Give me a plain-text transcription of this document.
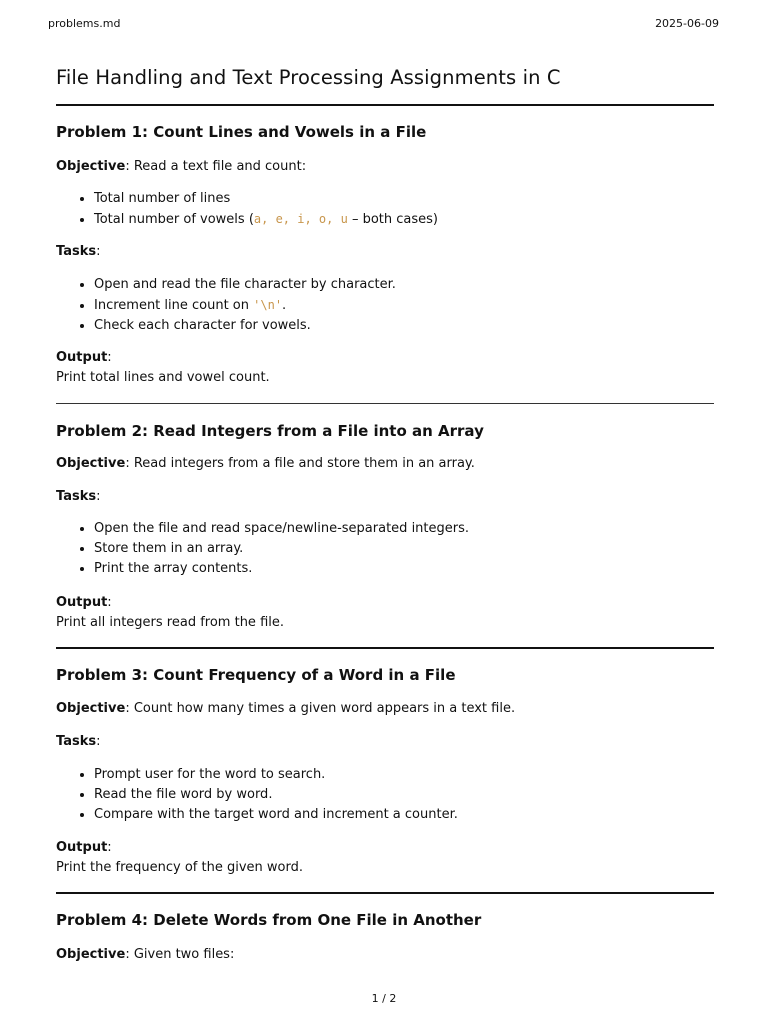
problems.md	2025-06-09
File Handling and Text Processing Assignments in C
Problem 1: Count Lines and Vowels in a File

Objective: Read a text file and count:

• Total number of lines
• Total number of vowels (a, e, i, o, u – both cases)

Tasks:

• Open and read the file character by character.
• Increment line count on '\n'.
• Check each character for vowels.

Output:

Print total lines and vowel count.

Problem 2: Read Integers from a File into an Array

Objective: Read integers from a file and store them in an array.

Tasks:

• Open the file and read space/newline-separated integers.
• Store them in an array.
• Print the array contents.

Output:

Print all integers read from the file.

Problem 3: Count Frequency of a Word in a File

Objective: Count how many times a given word appears in a text file.

Tasks:

• Prompt user for the word to search.
• Read the file word by word.
• Compare with the target word and increment a counter.

Output:

Print the frequency of the given word.

Problem 4: Delete Words from One File in Another

Objective: Given two files:

1 / 2
